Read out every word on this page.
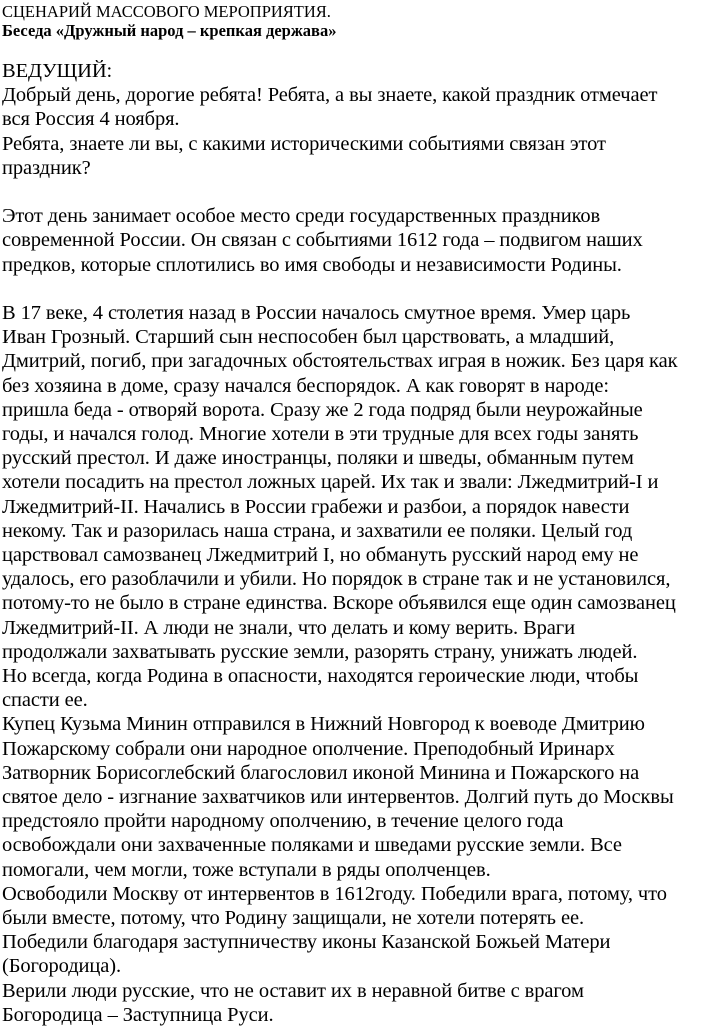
СЦЕНАРИЙ МАССОВОГО МЕРОПРИЯТИЯ.
Беседа «Дружный народ – крепкая держава»
ВЕДУЩИЙ:
Добрый день, дорогие ребята! Ребята, а вы знаете, какой праздник отмечает
вся Россия 4 ноября.
Ребята, знаете ли вы, с какими историческими событиями связан этот
праздник?
Этот день занимает особое место среди государственных праздников
современной России. Он связан с событиями 1612 года – подвигом наших
предков, которые сплотились во имя свободы и независимости Родины.
В 17 веке, 4 столетия назад в России началось смутное время. Умер царь
Иван Грозный. Старший сын неспособен был царствовать, а младший,
Дмитрий, погиб, при загадочных обстоятельствах играя в ножик. Без царя как
без хозяина в доме, сразу начался беспорядок. А как говорят в народе:
пришла беда - отворяй ворота. Сразу же 2 года подряд были неурожайные
годы, и начался голод. Многие хотели в эти трудные для всех годы занять
русский престол. И даже иностранцы, поляки и шведы, обманным путем
хотели посадить на престол ложных царей. Их так и звали: Лжедмитрий-I и
Лжедмитрий-II. Начались в России грабежи и разбои, а порядок навести
некому. Так и разорилась наша страна, и захватили ее поляки. Целый год
царствовал самозванец Лжедмитрий I, но обмануть русский народ ему не
удалось, его разоблачили и убили. Но порядок в стране так и не установился,
потому-то не было в стране единства. Вскоре объявился еще один самозванец
Лжедмитрий-II. А люди не знали, что делать и кому верить. Враги
продолжали захватывать русские земли, разорять страну, унижать людей.
Но всегда, когда Родина в опасности, находятся героические люди, чтобы
спасти ее.
Купец Кузьма Минин отправился в Нижний Новгород к воеводе Дмитрию
Пожарскому собрали они народное ополчение. Преподобный Иринарх
Затворник Борисоглебский благословил иконой Минина и Пожарского на
святое дело - изгнание захватчиков или интервентов. Долгий путь до Москвы
предстояло пройти народному ополчению, в течение целого года
освобождали они захваченные поляками и шведами русские земли. Все
помогали, чем могли, тоже вступали в ряды ополченцев.
Освободили Москву от интервентов в 1612году. Победили врага, потому, что
были вместе, потому, что Родину защищали, не хотели потерять ее.
Победили благодаря заступничеству иконы Казанской Божьей Матери
(Богородица).
Верили люди русские, что не оставит их в неравной битве с врагом
Богородица – Заступница Руси.
